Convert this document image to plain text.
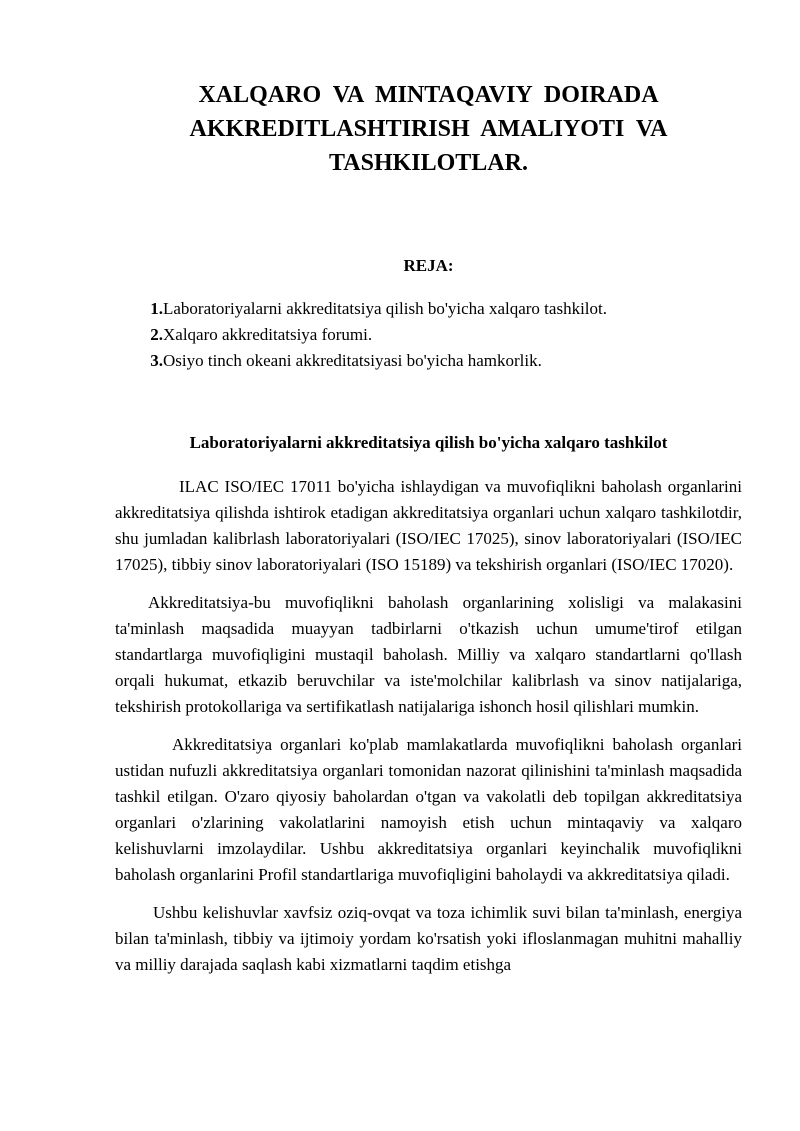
XALQARO VA MINTAQAVIY DOIRADA AKKREDITLASHTIRISH AMALIYOTI VA TASHKILOTLAR.
REJA:
1. Laboratoriyalarni akkreditatsiya qilish bo'yicha xalqaro tashkilot.
2. Xalqaro akkreditatsiya forumi.
3. Osiyo tinch okeani akkreditatsiyasi bo'yicha hamkorlik.
Laboratoriyalarni akkreditatsiya qilish bo'yicha xalqaro tashkilot

ILAC ISO/IEC 17011 bo'yicha ishlaydigan va muvofiqlikni baholash organlarini akkreditatsiya qilishda ishtirok etadigan akkreditatsiya organlari uchun xalqaro tashkilotdir, shu jumladan kalibrlash laboratoriyalari (ISO/IEC 17025), sinov laboratoriyalari (ISO/IEC 17025), tibbiy sinov laboratoriyalari (ISO 15189) va tekshirish organlari (ISO/IEC 17020).

Akkreditatsiya-bu muvofiqlikni baholash organlarining xolisligi va malakasini ta'minlash maqsadida muayyan tadbirlarni o'tkazish uchun umume'tirof etilgan standartlarga muvofiqligini mustaqil baholash. Milliy va xalqaro standartlarni qo'llash orqali hukumat, etkazib beruvchilar va iste'molchilar kalibrlash va sinov natijalariga, tekshirish protokollariga va sertifikatlash natijalariga ishonch hosil qilishlari mumkin.

Akkreditatsiya organlari ko'plab mamlakatlarda muvofiqlikni baholash organlari ustidan nufuzli akkreditatsiya organlari tomonidan nazorat qilinishini ta'minlash maqsadida tashkil etilgan. O'zaro qiyosiy baholardan o'tgan va vakolatli deb topilgan akkreditatsiya organlari o'zlarining vakolatlarini namoyish etish uchun mintaqaviy va xalqaro kelishuvlarni imzolaydilar. Ushbu akkreditatsiya organlari keyinchalik muvofiqlikni baholash organlarini Profil standartlariga muvofiqligini baholaydi va akkreditatsiya qiladi.

Ushbu kelishuvlar xavfsiz oziq-ovqat va toza ichimlik suvi bilan ta'minlash, energiya bilan ta'minlash, tibbiy va ijtimoiy yordam ko'rsatish yoki ifloslanmagan muhitni mahalliy va milliy darajada saqlash kabi xizmatlarni taqdim etishga
